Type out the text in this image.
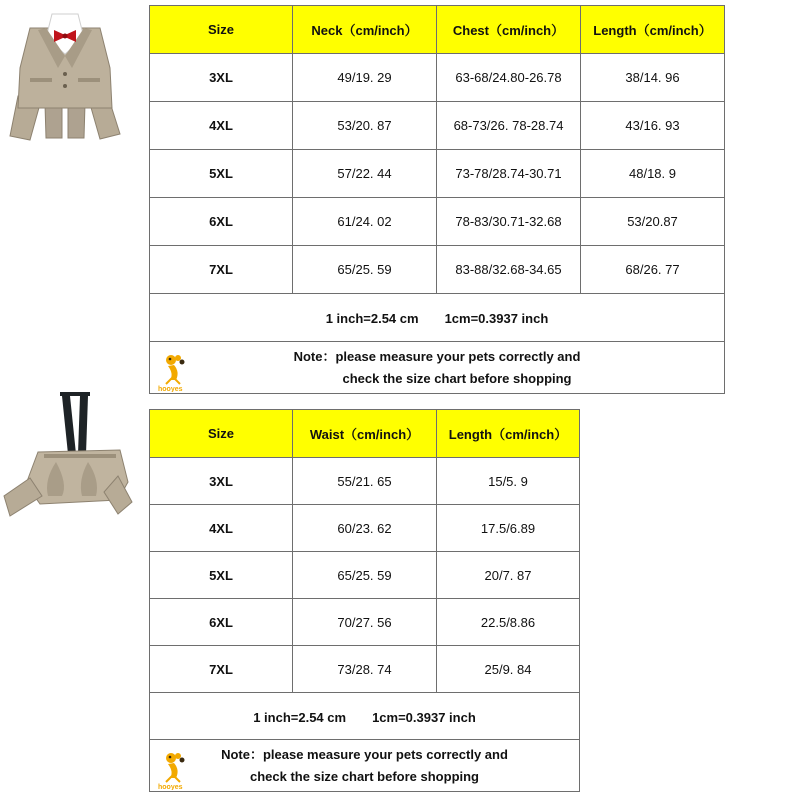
Size	Neck（cm/inch）	Chest（cm/inch）	Length（cm/inch）
3XL	49/19. 29	63-68/24.80-26.78	38/14. 96
4XL	53/20. 87	68-73/26. 78-28.74	43/16. 93
5XL	57/22. 44	73-78/28.74-30.71	48/18. 9
6XL	61/24. 02	78-83/30.71-32.68	53/20.87
7XL	65/25. 59	83-88/32.68-34.65	68/26. 77
1 inch=2.54 cm　　1cm=0.3937 inch			

hooyes
Note：please measure your pets correctly and
check the size chart before shopping			
Size	Waist（cm/inch）	Length（cm/inch）
3XL	55/21. 65	15/5. 9
4XL	60/23. 62	17.5/6.89
5XL	65/25. 59	20/7. 87
6XL	70/27. 56	22.5/8.86
7XL	73/28. 74	25/9. 84
1 inch=2.54 cm　　1cm=0.3937 inch		

hooyes
Note：please measure your pets correctly and
check the size chart before shopping		
